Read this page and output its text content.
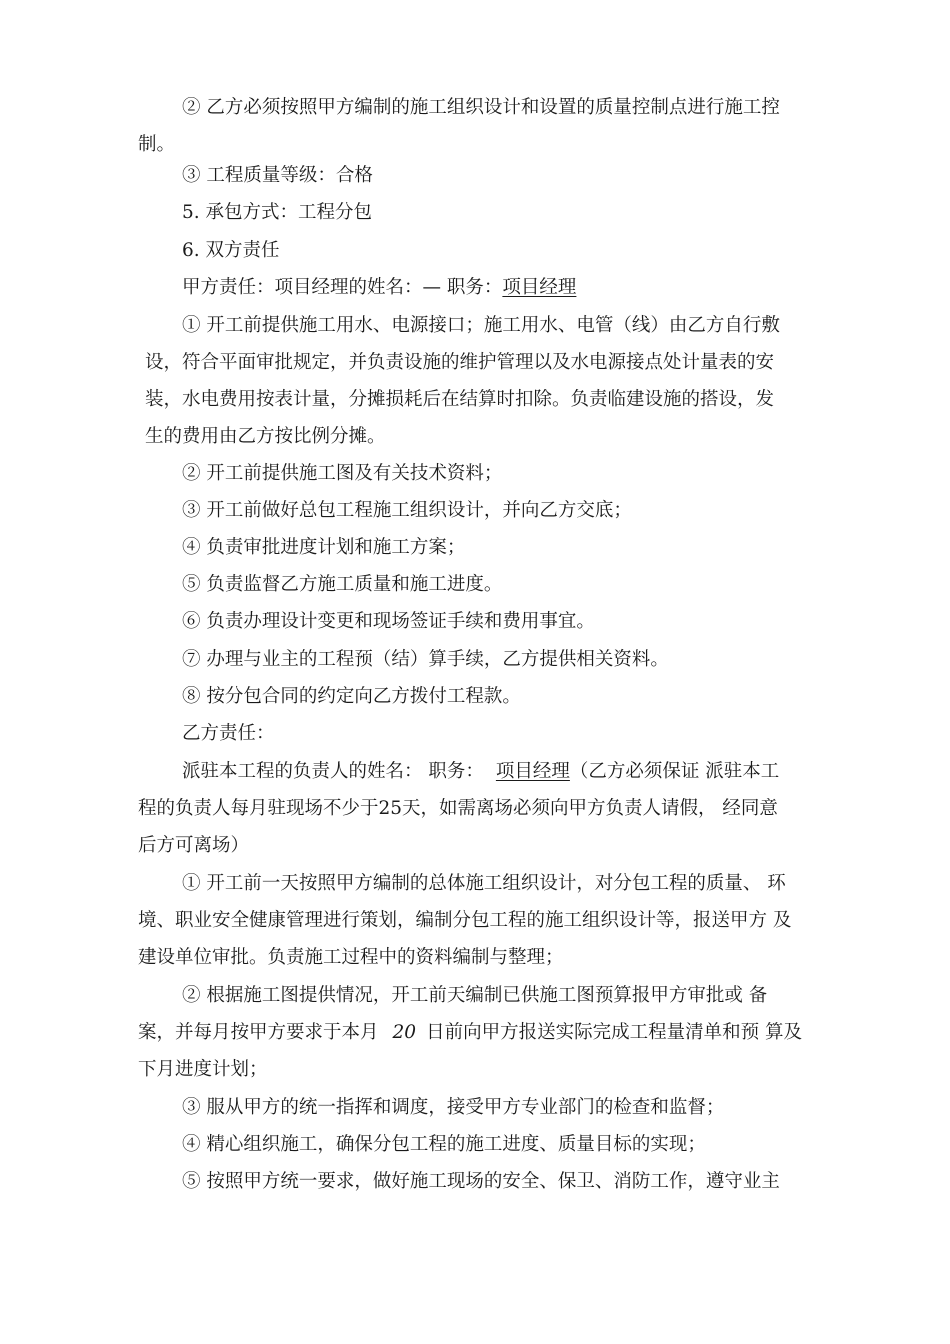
② 乙方必须按照甲方编制的施工组织设计和设置的质量控制点进行施工控
制。
③ 工程质量等级：合格
5. 承包方式：工程分包
6. 双方责任
甲方责任：项目经理的姓名：— 职务：项目经理
① 开工前提供施工用水、电源接口；施工用水、电管（线）由乙方自行敷
设，符合平面审批规定，并负责设施的维护管理以及水电源接点处计量表的安
装，水电费用按表计量，分摊损耗后在结算时扣除。负责临建设施的搭设，发
生的费用由乙方按比例分摊。
② 开工前提供施工图及有关技术资料；
③ 开工前做好总包工程施工组织设计，并向乙方交底；
④ 负责审批进度计划和施工方案；
⑤ 负责监督乙方施工质量和施工进度。
⑥ 负责办理设计变更和现场签证手续和费用事宜。
⑦ 办理与业主的工程预（结）算手续，乙方提供相关资料。
⑧ 按分包合同的约定向乙方拨付工程款。
乙方责任：
派驻本工程的负责人的姓名： 职务： 项目经理（乙方必须保证 派驻本工
程的负责人每月驻现场不少于25天，如需离场必须向甲方负责人请假， 经同意
后方可离场）
① 开工前一天按照甲方编制的总体施工组织设计，对分包工程的质量、 环
境、职业安全健康管理进行策划，编制分包工程的施工组织设计等，报送甲方 及
建设单位审批。负责施工过程中的资料编制与整理；
② 根据施工图提供情况，开工前天编制已供施工图预算报甲方审批或 备
案，并每月按甲方要求于本月 20 日前向甲方报送实际完成工程量清单和预 算及
下月进度计划；
③ 服从甲方的统一指挥和调度，接受甲方专业部门的检查和监督；
④ 精心组织施工，确保分包工程的施工进度、质量目标的实现；
⑤ 按照甲方统一要求，做好施工现场的安全、保卫、消防工作，遵守业主
